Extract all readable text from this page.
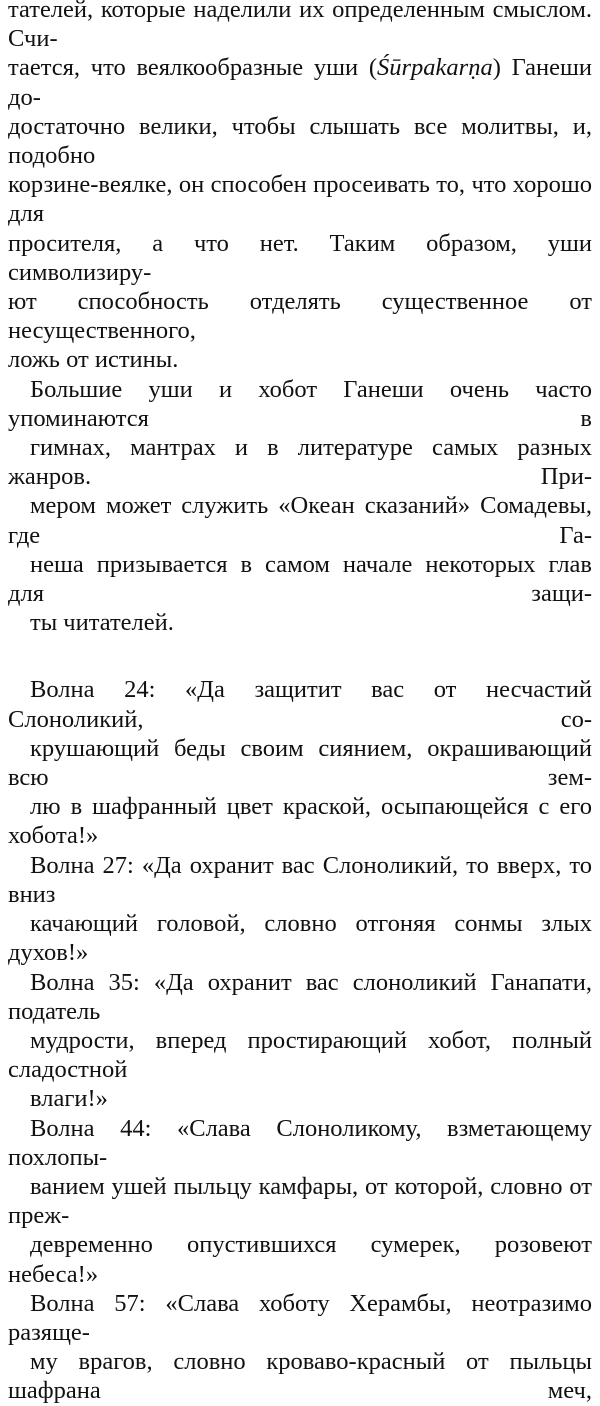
тателей, которые наделили их определенным смыслом. Счи-
тается, что веялкообразные уши (Śūrpakarṇa) Ганеши до-
достаточно велики, чтобы слышать все молитвы, и, подобно
корзине-веялке, он способен просеивать то, что хорошо для
просителя, а что нет. Таким образом, уши символизиру-
ют способность отделять существенное от несущественного,
ложь от истины.

Большие уши и хобот Ганеши очень часто упоминаются в
гимнах, мантрах и в литературе самых разных жанров. При-
мером может служить «Океан сказаний» Сомадевы, где Га-
неша призывается в самом начале некоторых глав для защи-
ты читателей.

Волна 24: «Да защитит вас от несчастий Слоноликий, со-
крушающий беды своим сиянием, окрашивающий всю зем-
лю в шафранный цвет краской, осыпающейся с его хобота!»

Волна 27: «Да охранит вас Слоноликий, то вверх, то вниз
качающий головой, словно отгоняя сонмы злых духов!»

Волна 35: «Да охранит вас слоноликий Ганапати, податель
мудрости, вперед простирающий хобот, полный сладостной
влаги!»

Волна 44: «Слава Слоноликому, взметающему похлопы-
ванием ушей пыльцу камфары, от которой, словно от преж-
девременно опустившихся сумерек, розовеют небеса!»

Волна 57: «Слава хоботу Херамбы, неотразимо разяще-
му врагов, словно кроваво-красный от пыльцы шафрана меч,
